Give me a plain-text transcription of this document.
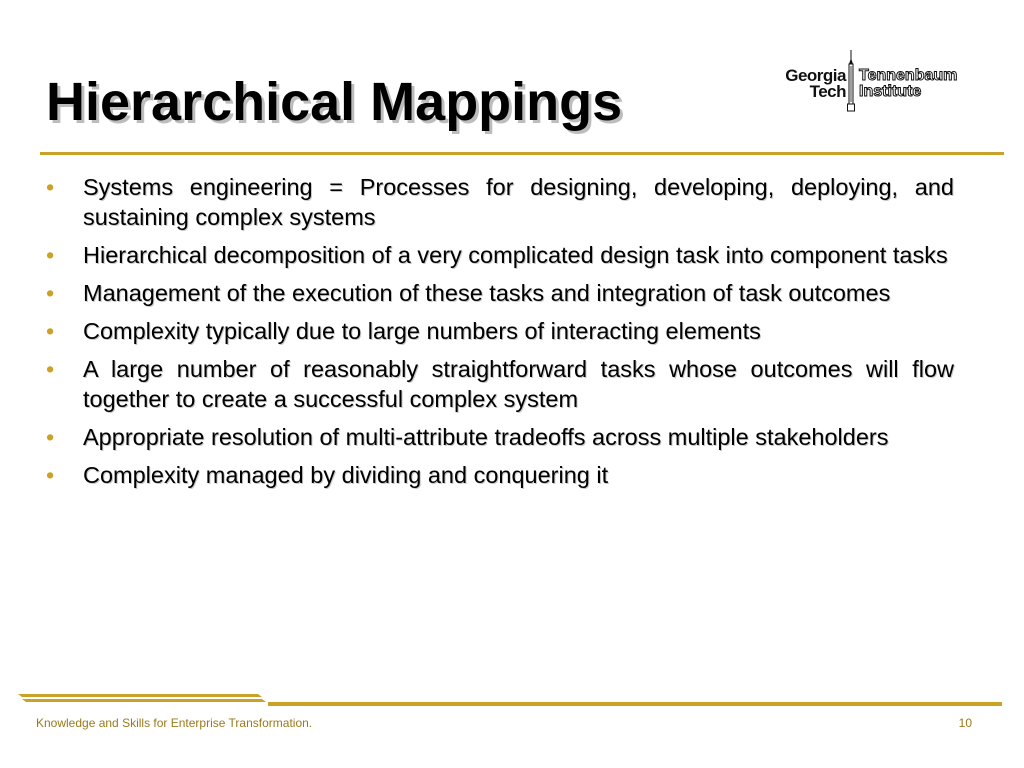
Hierarchical Mappings	Georgia
Tech
Tennenbaum
Institute
• Systems engineering = Processes for designing, developing, deploying, and sustaining complex systems
• Hierarchical decomposition of a very complicated design task into component tasks
• Management of the execution of these tasks and integration of task outcomes
• Complexity typically due to large numbers of interacting elements
• A large number of reasonably straightforward tasks whose outcomes will flow together to create a successful complex system
• Appropriate resolution of multi-attribute tradeoffs across multiple stakeholders
• Complexity managed by dividing and conquering it
Knowledge and Skills for Enterprise Transformation.	10
